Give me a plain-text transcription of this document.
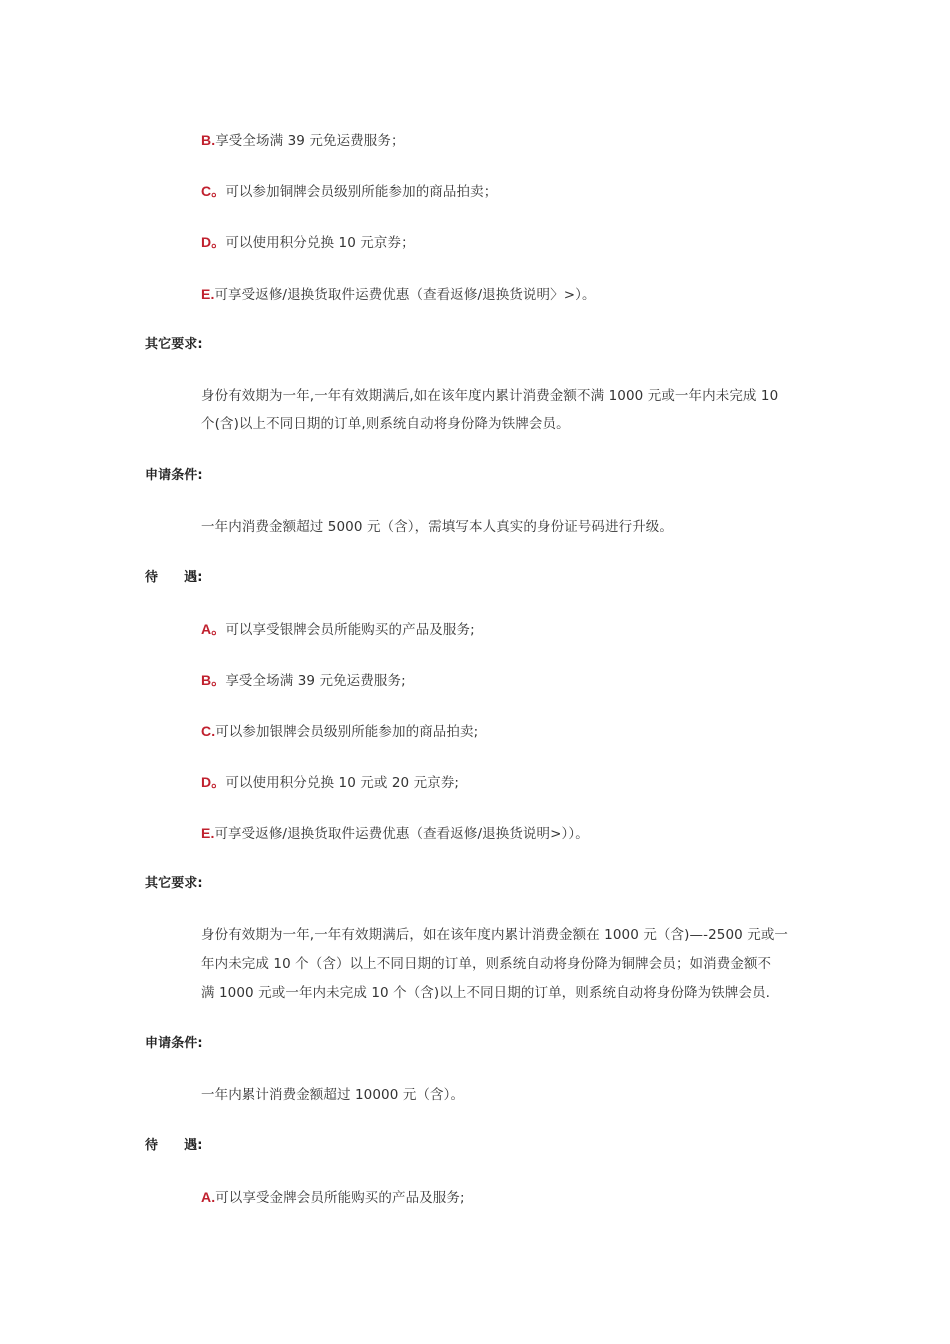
B.享受全场满 39 元免运费服务；
C。可以参加铜牌会员级别所能参加的商品拍卖；
D。可以使用积分兑换 10 元京券；
E.可享受返修/退换货取件运费优惠（查看返修/退换货说明〉>）。
其它要求:
身份有效期为一年,一年有效期满后,如在该年度内累计消费金额不满 1000 元或一年内未完成 10
个(含)以上不同日期的订单,则系统自动将身份降为铁牌会员。
申请条件:
一年内消费金额超过 5000 元（含），需填写本人真实的身份证号码进行升级。
待 遇:
A。可以享受银牌会员所能购买的产品及服务;
B。享受全场满 39 元免运费服务;
C.可以参加银牌会员级别所能参加的商品拍卖;
D。可以使用积分兑换 10 元或 20 元京券;
E.可享受返修/退换货取件运费优惠（查看返修/退换货说明>））。
其它要求:
身份有效期为一年,一年有效期满后，如在该年度内累计消费金额在 1000 元（含)—-2500 元或一
年内未完成 10 个（含）以上不同日期的订单，则系统自动将身份降为铜牌会员；如消费金额不
满 1000 元或一年内未完成 10 个（含)以上不同日期的订单，则系统自动将身份降为铁牌会员.
申请条件:
一年内累计消费金额超过 10000 元（含）。
待 遇:
A.可以享受金牌会员所能购买的产品及服务;
